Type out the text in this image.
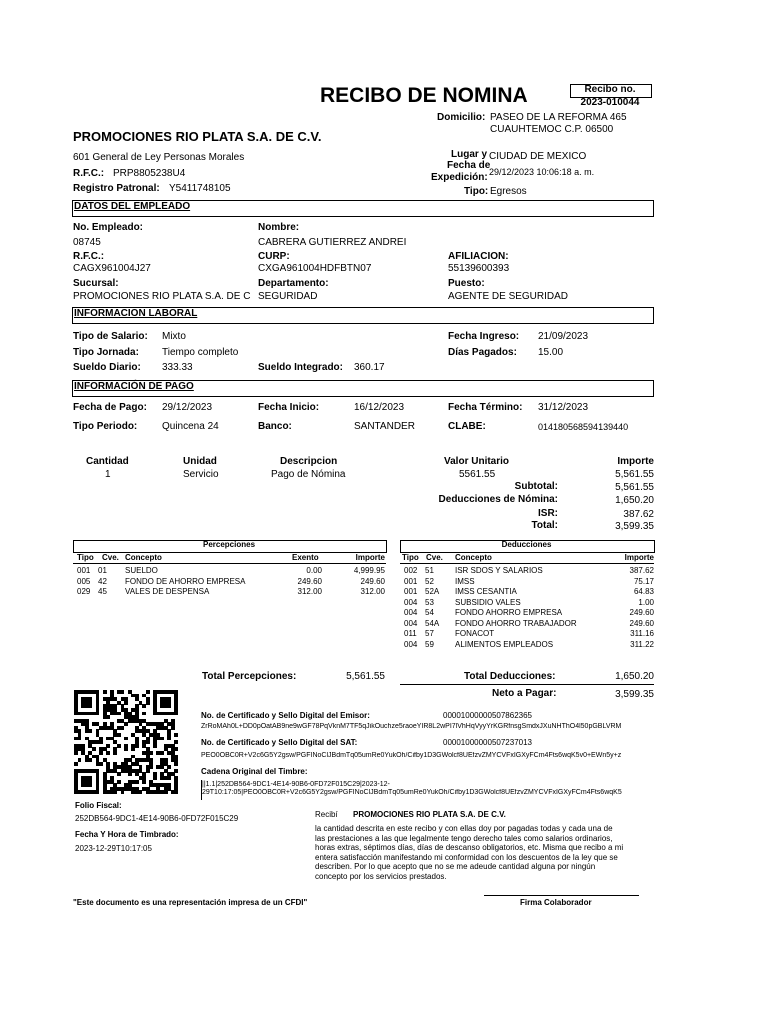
RECIBO DE NOMINA	Recibo no.
2023-010044
PROMOCIONES RIO PLATA S.A. DE C.V.
Domicilio: PASEO DE LA REFORMA 465
CUAUHTEMOC C.P. 06500
601 General de Ley Personas Morales
R.F.C.: PRP8805238U4
Registro Patronal: Y5411748105
Lugar y
Fecha de
Expedición:
CIUDAD DE MEXICO
29/12/2023 10:06:18 a. m.
Tipo: Egresos
DATOS DEL EMPLEADO
No. Empleado:
08745
Nombre:
CABRERA GUTIERREZ ANDREI
R.F.C.:
CAGX961004J27
CURP:
CXGA961004HDFBTN07
AFILIACION:
55139600393
Sucursal:
PROMOCIONES RIO PLATA S.A. DE C
Departamento:
SEGURIDAD
Puesto:
AGENTE DE SEGURIDAD
INFORMACION LABORAL
Tipo de Salario: Mixto	Fecha Ingreso: 21/09/2023
Tipo Jornada: Tiempo completo	Días Pagados: 15.00
Sueldo Diario: 333.33	Sueldo Integrado: 360.17
INFORMACIÓN DE PAGO
Fecha de Pago: 29/12/2023	Fecha Inicio:	16/12/2023	Fecha Término: 31/12/2023
Tipo Periodo: Quincena 24	Banco:	SANTANDER	CLABE:	014180568594139440
Cantidad	Unidad	Descripcion	Valor Unitario	Importe
1	Servicio	Pago de Nómina	5561.55	5,561.55
Subtotal:	5,561.55
Deducciones de Nómina:	1,650.20
ISR:	387.62
Total:	3,599.35
Percepciones
Tipo Cve. Concepto	Exento	Importe
001 01 SUELDO	0.00	4,999.95
005 42 FONDO DE AHORRO EMPRESA	249.60	249.60
029 45 VALES DE DESPENSA	312.00	312.00
Total Percepciones:	5,561.55
Deducciones
Tipo Cve. Concepto	Importe
002 51	ISR SDOS Y SALARIOS	387.62
001 52	IMSS	75.17
001 52A IMSS CESANTIA	64.83
004 53	SUBSIDIO VALES	1.00
004 54	FONDO AHORRO EMPRESA	249.60
004 54A FONDO AHORRO TRABAJADOR	249.60
011 57	FONACOT	311.16
004 59	ALIMENTOS EMPLEADOS	311.22
Total Deducciones:	1,650.20
Neto a Pagar:	3,599.35
No. de Certificado y Sello Digital del Emisor:	00001000000507862365
ZrRoMAh0L+DD0pOatAB9ne9wGF78PqVknM7TF5qJikOuchze5raoeYIR8L2wPI7lVhHqVyyYrKGRfnsgSmdxJXuNHThO4l50pGBLVRM
No. de Certificado y Sello Digital del SAT:	00001000000507237013
PEO0OBC0R+V2c6G5Y2gsw/PGFINoClJBdmTq05umRe0YukOh/Cifby1D3GWolcf8UEfzvZMYCVFxIGXyFCm4Fts6wqK5v0+EWn5y+z
Cadena Original del Timbre:
||1.1|252DB564-9DC1-4E14-90B6-0FD72F015C29|2023-12-
29T10:17:05|PEO0OBC0R+V2c6G5Y2gsw/PGFINoClJBdmTq05umRe0YukOh/Cifby1D3GWolcf8UEfzvZMYCVFxIGXyFCm4Fts6wqK5
Folio Fiscal:
252DB564-9DC1-4E14-90B6-0FD72F015C29
Fecha Y Hora de Timbrado:
2023-12-29T10:17:05
Recibí PROMOCIONES RIO PLATA S.A. DE C.V.
la cantidad descrita en este recibo y con ellas doy por pagadas todas y cada una de
las prestaciones a las que legalmente tengo derecho tales como salarios ordinarios,
horas extras, séptimos días, días de descanso obligatorios, etc. Misma que recibo a mi
entera satisfacción manifestando mi conformidad con los descuentos de la ley que se
describen. Por lo que acepto que no se me adeude cantidad alguna por ningún
concepto por los servicios prestados.
"Este documento es una representación impresa de un CFDI"	Firma Colaborador
